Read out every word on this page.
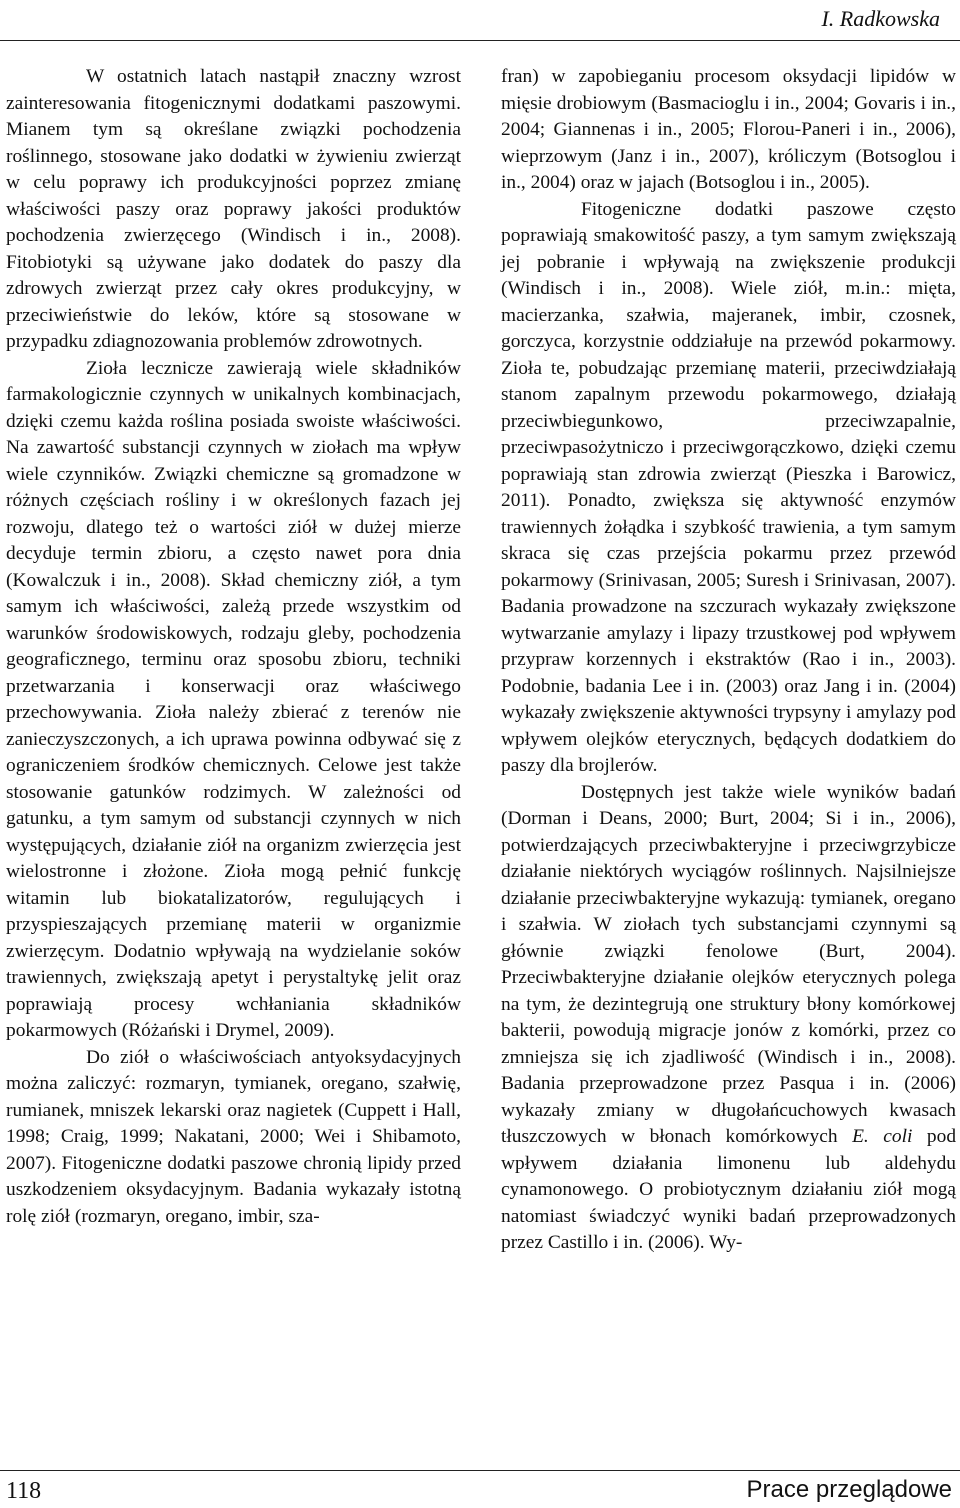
I. Radkowska

W ostatnich latach nastąpił znaczny wzrost zainteresowania fitogenicznymi dodatkami paszowymi. Mianem tym są określane związki pochodzenia roślinnego, stosowane jako dodatki w żywieniu zwierząt w celu poprawy ich produkcyjności poprzez zmianę właściwości paszy oraz poprawy jakości produktów pochodzenia zwierzęcego (Windisch i in., 2008). Fitobiotyki są używane jako dodatek do paszy dla zdrowych zwierząt przez cały okres produkcyjny, w przeciwieństwie do leków, które są stosowane w przypadku zdiagnozowania problemów zdrowotnych.

Zioła lecznicze zawierają wiele składników farmakologicznie czynnych w unikalnych kombinacjach, dzięki czemu każda roślina posiada swoiste właściwości. Na zawartość substancji czynnych w ziołach ma wpływ wiele czynników. Związki chemiczne są gromadzone w różnych częściach rośliny i w określonych fazach jej rozwoju, dlatego też o wartości ziół w dużej mierze decyduje termin zbioru, a często nawet pora dnia (Kowalczuk i in., 2008). Skład chemiczny ziół, a tym samym ich właściwości, zależą przede wszystkim od warunków środowiskowych, rodzaju gleby, pochodzenia geograficznego, terminu oraz sposobu zbioru, techniki przetwarzania i konserwacji oraz właściwego przechowywania. Zioła należy zbierać z terenów nie zanieczyszczonych, a ich uprawa powinna odbywać się z ograniczeniem środków chemicznych. Celowe jest także stosowanie gatunków rodzimych. W zależności od gatunku, a tym samym od substancji czynnych w nich występujących, działanie ziół na organizm zwierzęcia jest wielostronne i złożone. Zioła mogą pełnić funkcję witamin lub biokatalizatorów, regulujących i przyspieszających przemianę materii w organizmie zwierzęcym. Dodatnio wpływają na wydzielanie soków trawiennych, zwiększają apetyt i perystaltykę jelit oraz poprawiają procesy wchłaniania składników pokarmowych (Różański i Drymel, 2009).

Do ziół o właściwościach antyoksydacyjnych można zaliczyć: rozmaryn, tymianek, oregano, szałwię, rumianek, mniszek lekarski oraz nagietek (Cuppett i Hall, 1998; Craig, 1999; Nakatani, 2000; Wei i Shibamoto, 2007). Fitogeniczne dodatki paszowe chronią lipidy przed uszkodzeniem oksydacyjnym. Badania wykazały istotną rolę ziół (rozmaryn, oregano, imbir, sza-

fran) w zapobieganiu procesom oksydacji lipidów w mięsie drobiowym (Basmacioglu i in., 2004; Govaris i in., 2004; Giannenas i in., 2005; Florou-Paneri i in., 2006), wieprzowym (Janz i in., 2007), króliczym (Botsoglou i in., 2004) oraz w jajach (Botsoglou i in., 2005).

Fitogeniczne dodatki paszowe często poprawiają smakowitość paszy, a tym samym zwiększają jej pobranie i wpływają na zwiększenie produkcji (Windisch i in., 2008). Wiele ziół, m.in.: mięta, macierzanka, szałwia, majeranek, imbir, czosnek, gorczyca, korzystnie oddziałuje na przewód pokarmowy. Zioła te, pobudzając przemianę materii, przeciwdziałają stanom zapalnym przewodu pokarmowego, działają przeciwbiegunkowo, przeciwzapalnie, przeciwpasożytniczo i przeciwgorączkowo, dzięki czemu poprawiają stan zdrowia zwierząt (Pieszka i Barowicz, 2011). Ponadto, zwiększa się aktywność enzymów trawiennych żołądka i szybkość trawienia, a tym samym skraca się czas przejścia pokarmu przez przewód pokarmowy (Srinivasan, 2005; Suresh i Srinivasan, 2007). Badania prowadzone na szczurach wykazały zwiększone wytwarzanie amylazy i lipazy trzustkowej pod wpływem przypraw korzennych i ekstraktów (Rao i in., 2003). Podobnie, badania Lee i in. (2003) oraz Jang i in. (2004) wykazały zwiększenie aktywności trypsyny i amylazy pod wpływem olejków eterycznych, będących dodatkiem do paszy dla brojlerów.

Dostępnych jest także wiele wyników badań (Dorman i Deans, 2000; Burt, 2004; Si i in., 2006), potwierdzających przeciwbakteryjne i przeciwgrzybicze działanie niektórych wyciągów roślinnych. Najsilniejsze działanie przeciwbakteryjne wykazują: tymianek, oregano i szałwia. W ziołach tych substancjami czynnymi są głównie związki fenolowe (Burt, 2004). Przeciwbakteryjne działanie olejków eterycznych polega na tym, że dezintegrują one struktury błony komórkowej bakterii, powodują migracje jonów z komórki, przez co zmniejsza się ich zjadliwość (Windisch i in., 2008). Badania przeprowadzone przez Pasqua i in. (2006) wykazały zmiany w długołańcuchowych kwasach tłuszczowych w błonach komórkowych E. coli pod wpływem działania limonenu lub aldehydu cynamonowego. O probiotycznym działaniu ziół mogą natomiast świadczyć wyniki badań przeprowadzonych przez Castillo i in. (2006). Wy-

118	Prace przeglądowe
